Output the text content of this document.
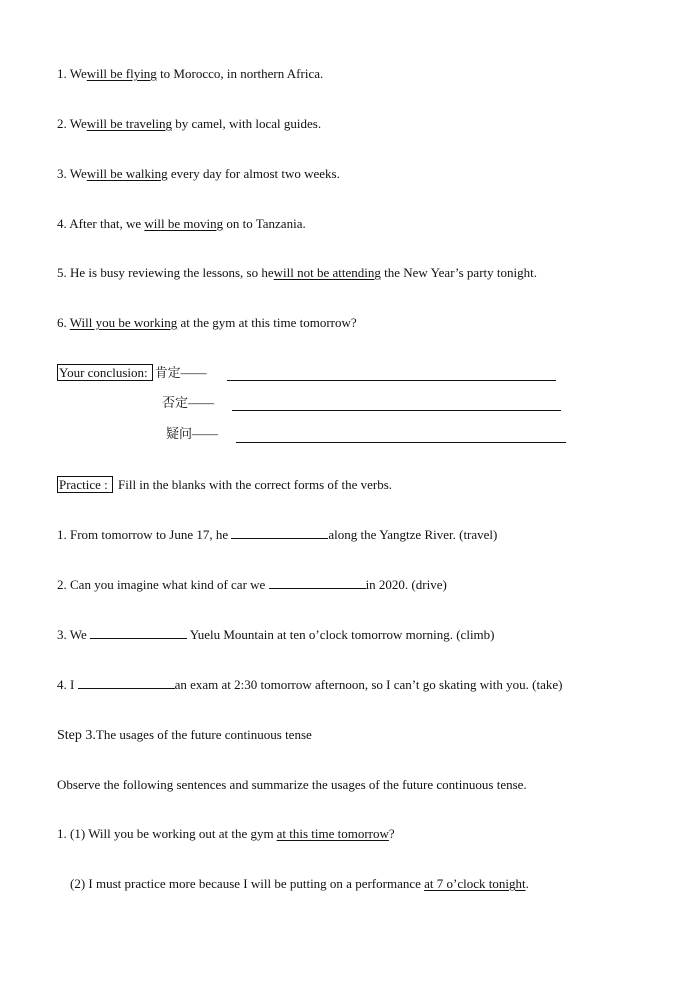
1. Wewill be flying to Morocco, in northern Africa.
2. Wewill be traveling by camel, with local guides.
3. Wewill be walking every day for almost two weeks.
4. After that, we will be moving on to Tanzania.
5. He is busy reviewing the lessons, so hewill not be attending the New Year’s party tonight.
6. Will you be working at the gym at this time tomorrow?
Your conclusion: 肯定——
否定——
疑问——
Practice : Fill in the blanks with the correct forms of the verbs.
1. From tomorrow to June 17, he	along the Yangtze River. (travel)
2. Can you imagine what kind of car we	in 2020. (drive)
3. We	Yuelu Mountain at ten o’clock tomorrow morning. (climb)
4. I	an exam at 2:30 tomorrow afternoon, so I can’t go skating with you. (take)
Step 3.The usages of the future continuous tense
Observe the following sentences and summarize the usages of the future continuous tense.
1. (1) Will you be working out at the gym at this time tomorrow?
(2) I must practice more because I will be putting on a performance at 7 o’clock tonight.
